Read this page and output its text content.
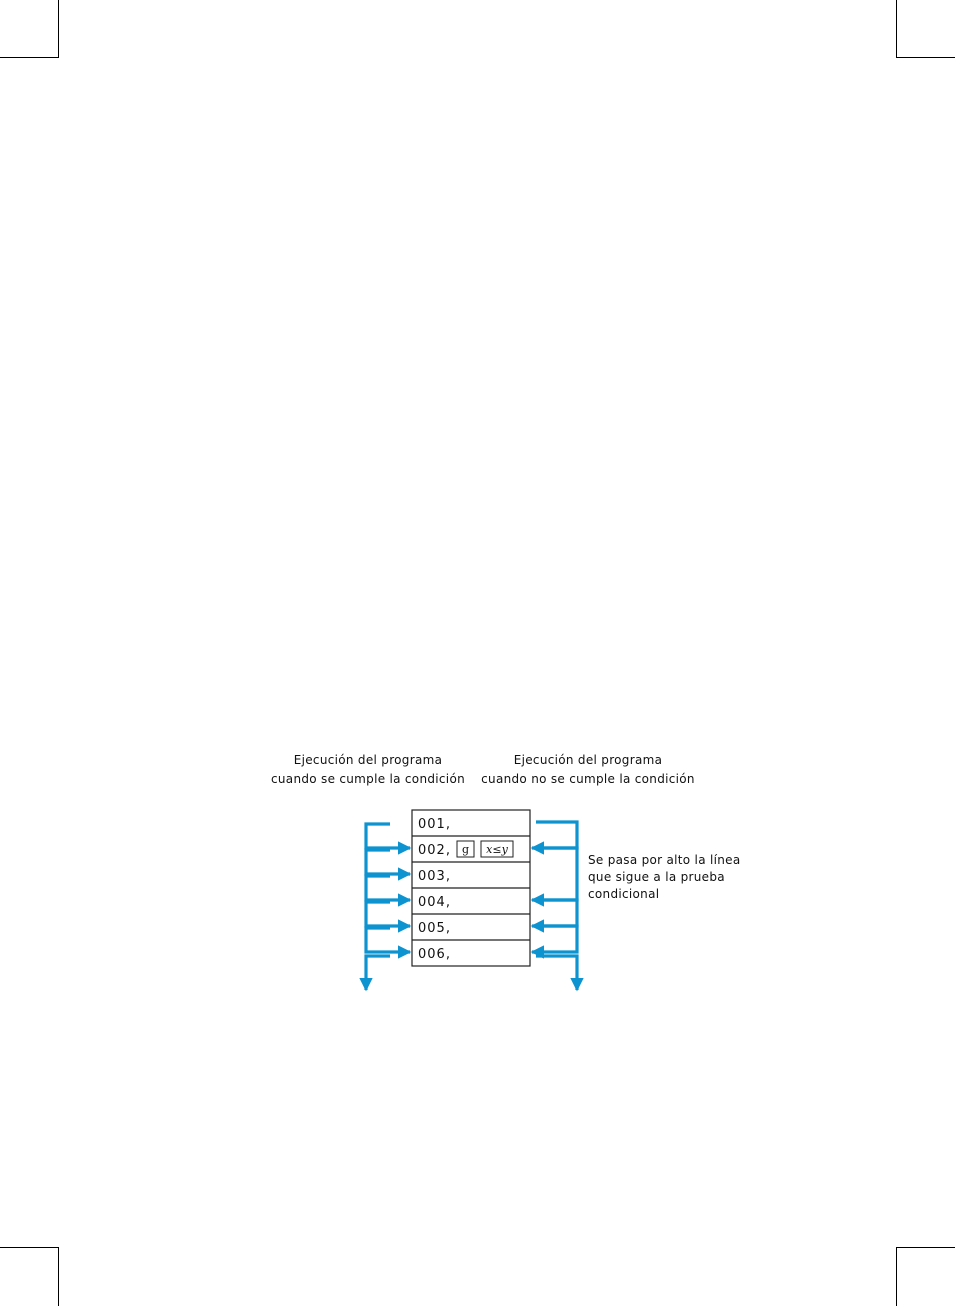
Ejecución del programa
cuando se cumple la condición
Ejecución del programa
cuando no se cumple la condición
Se pasa por alto la línea
que sigue a la prueba
condicional
001,
002,
003,
004,
005,
006,
g x≤y
